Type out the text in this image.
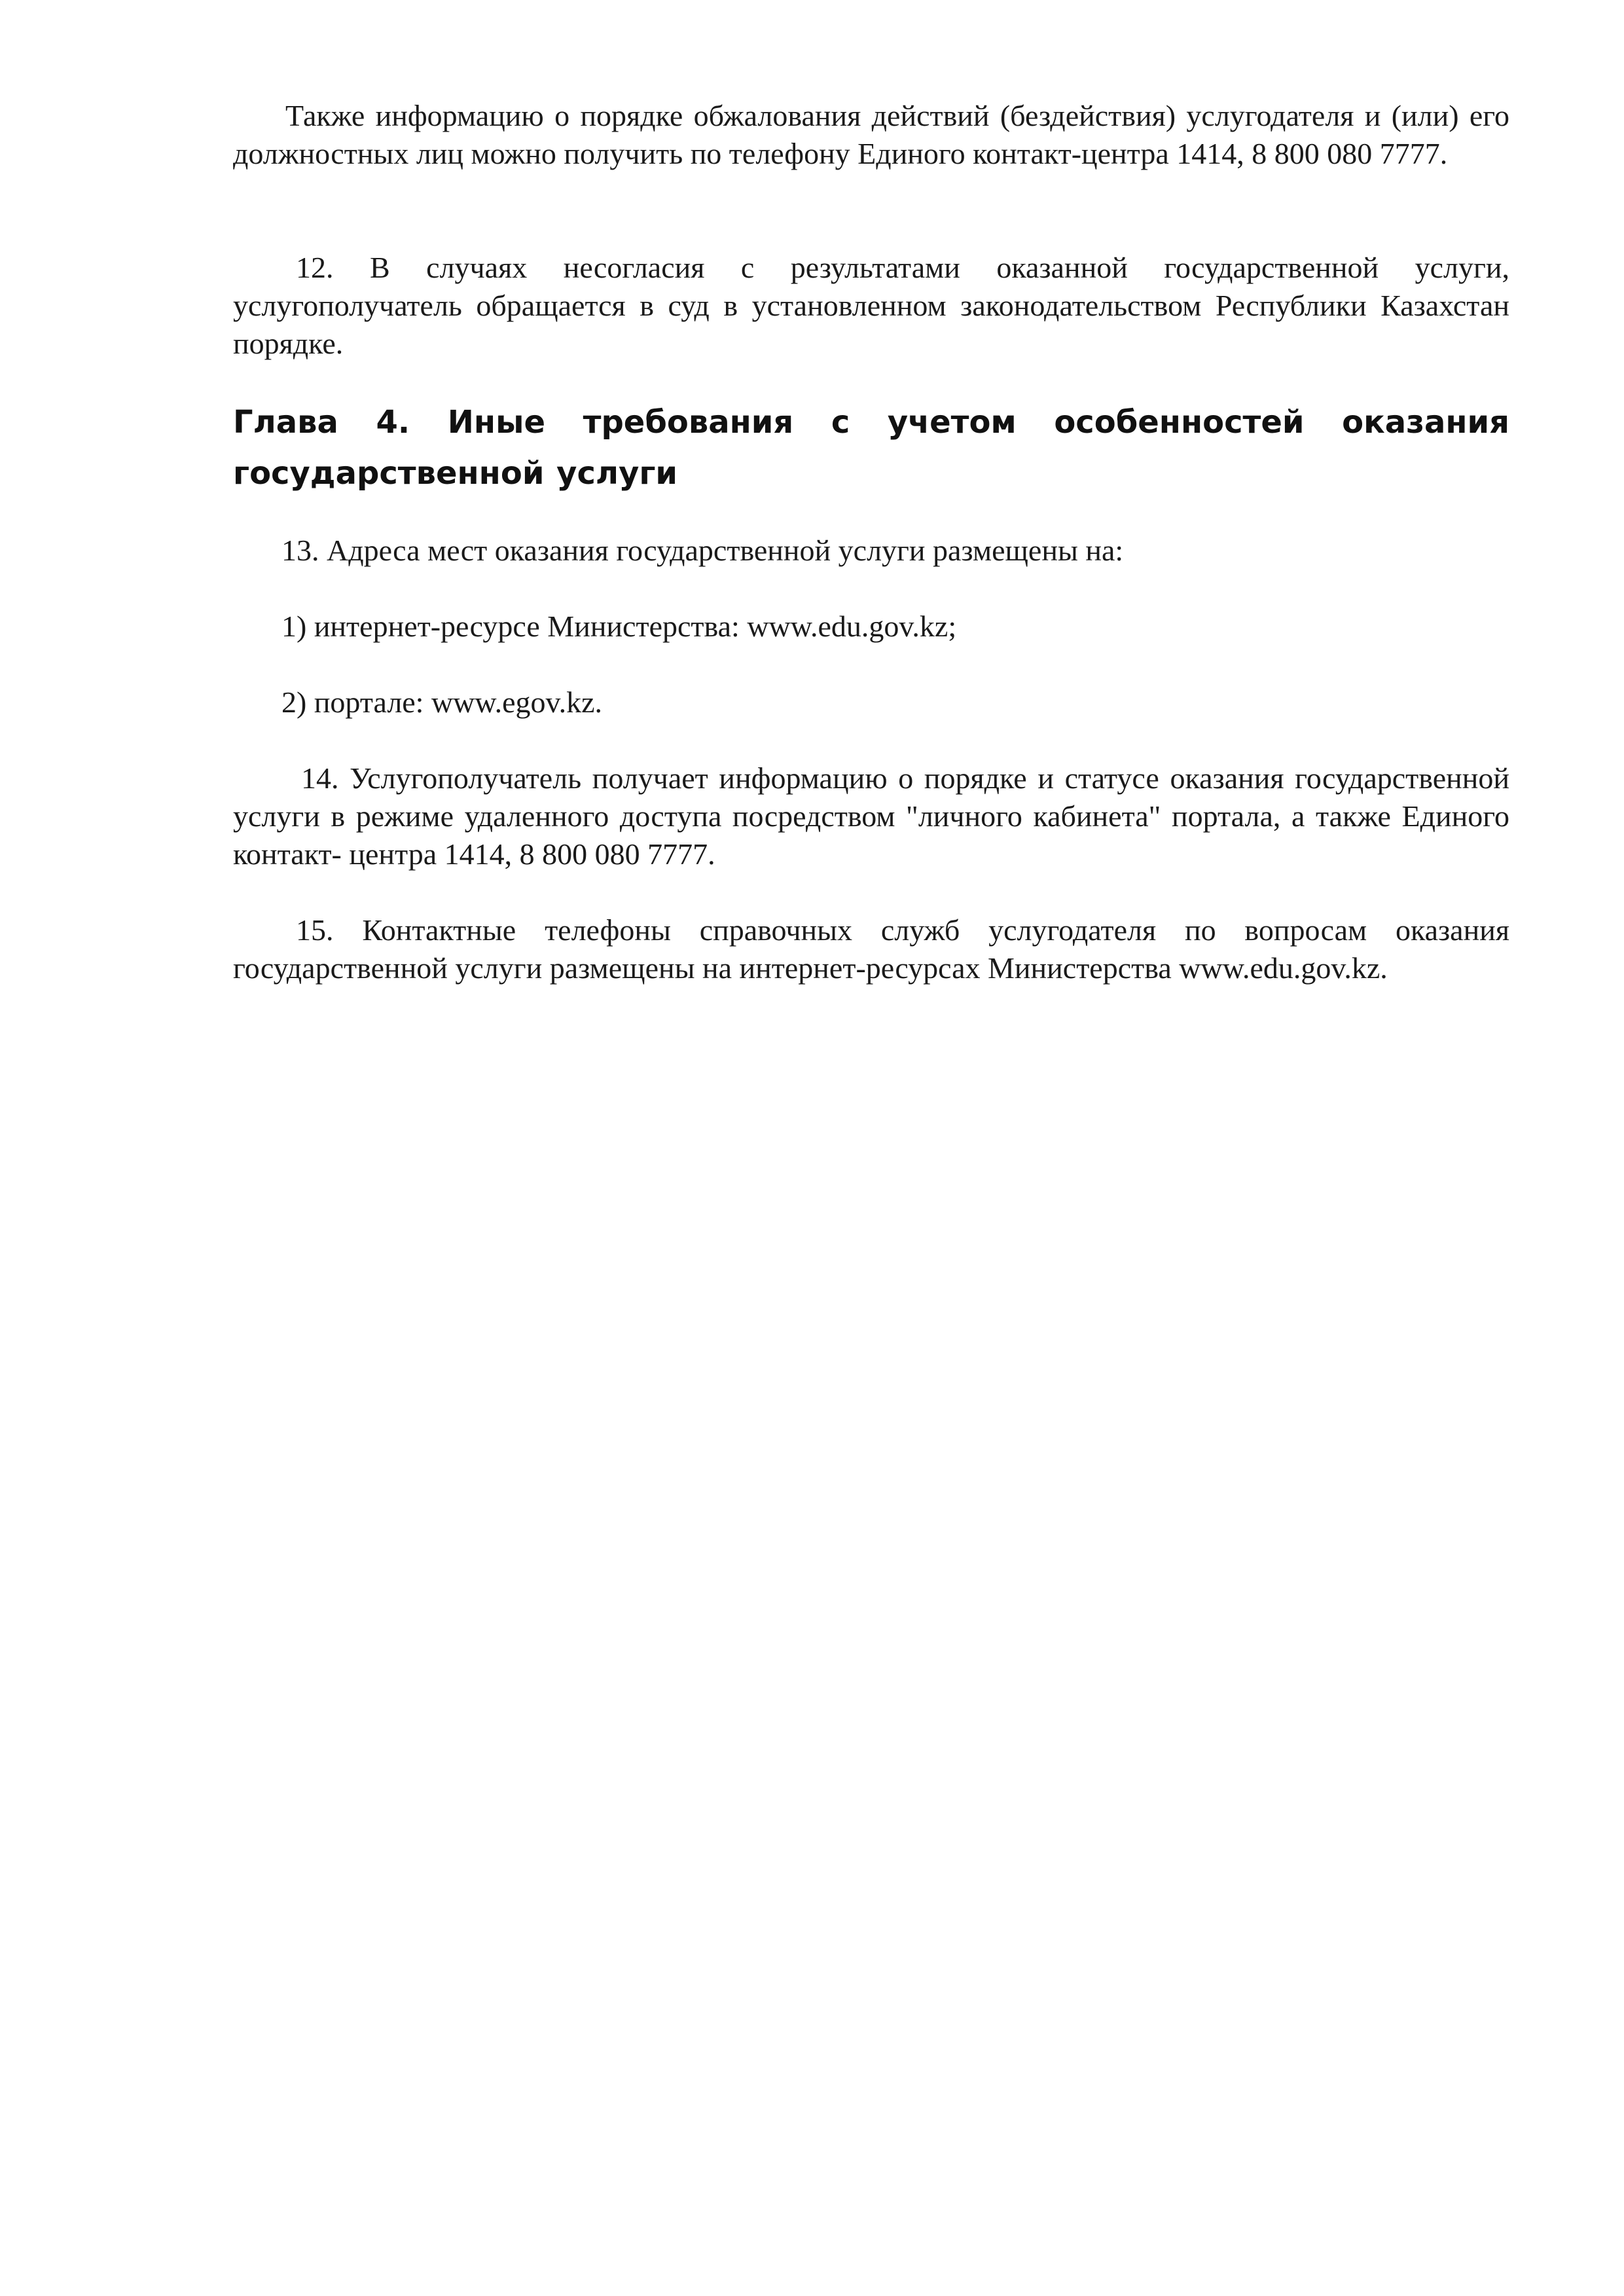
Также информацию о порядке обжалования действий (бездействия) услугодателя и (или) его должностных лиц можно получить по телефону Единого контакт-центра 1414, 8 800 080 7777.

12. В случаях несогласия с результатами оказанной государственной услуги, услугополучатель обращается в суд в установленном законодательством Республики Казахстан порядке.

Глава 4. Иные требования с учетом особенностей оказания государственной услуги

13. Адреса мест оказания государственной услуги размещены на:

1) интернет-ресурсе Министерства: www.edu.gov.kz;

2) портале: www.egov.kz.

14. Услугополучатель получает информацию о порядке и статусе оказания государственной услуги в режиме удаленного доступа посредством "личного кабинета" портала, а также Единого контакт- центра 1414, 8 800 080 7777.

15. Контактные телефоны справочных служб услугодателя по вопросам оказания государственной услуги размещены на интернет-ресурсах Министерства www.edu.gov.kz.
